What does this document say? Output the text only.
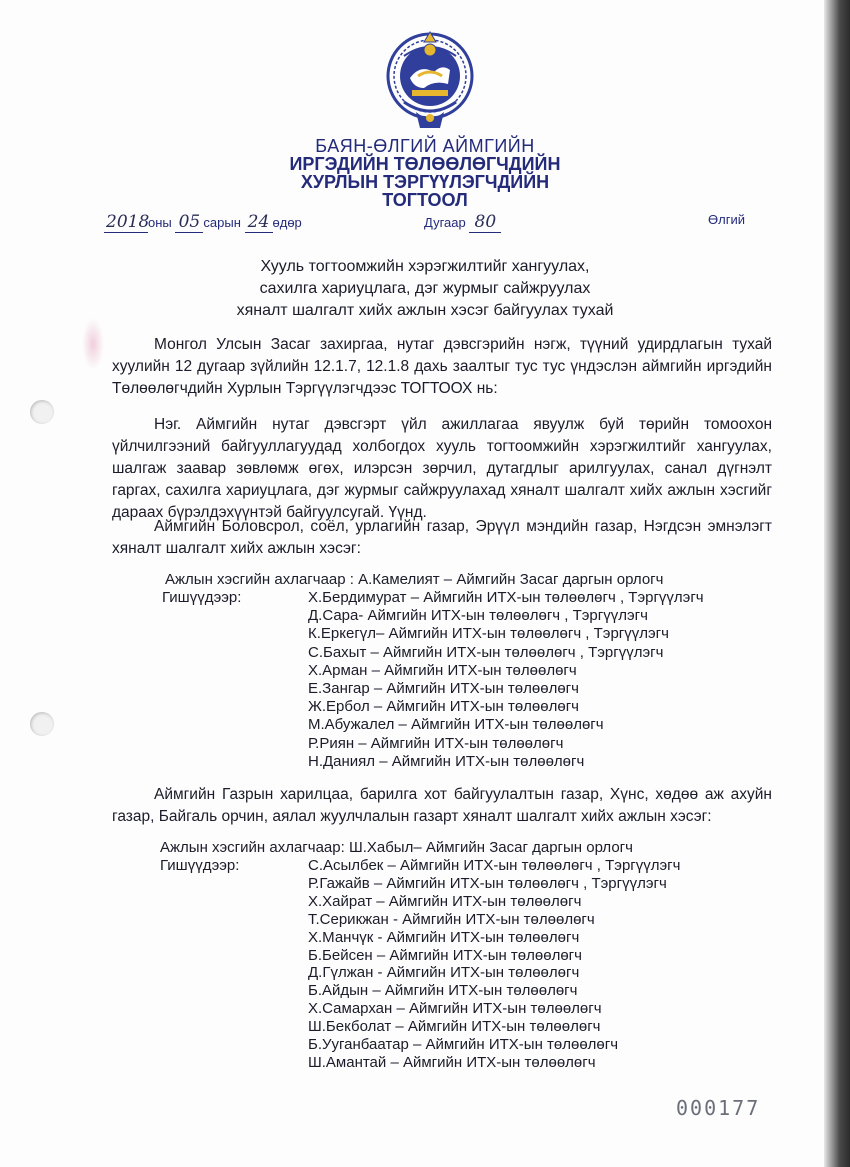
БАЯН-ӨЛГИЙ АЙМГИЙН
ИРГЭДИЙН ТӨЛӨӨЛӨГЧДИЙН
ХУРЛЫН ТЭРГҮҮЛЭГЧДИЙН
ТОГТООЛ
2018оны 05 сарын 24 өдөр	Дугаар 80	Өлгий
Хууль тогтоомжийн хэрэгжилтийг хангуулах,
сахилга хариуцлага, дэг журмыг сайжруулах
хяналт шалгалт хийх ажлын хэсэг байгуулах тухай
Монгол Улсын Засаг захиргаа, нутаг дэвсгэрийн нэгж, түүний удирдлагын тухай хуулийн 12 дугаар зүйлийн 12.1.7, 12.1.8 дахь заалтыг тус тус үндэслэн аймгийн иргэдийн Төлөөлөгчдийн Хурлын Тэргүүлэгчдээс ТОГТООХ нь:
Нэг. Аймгийн нутаг дэвсгэрт үйл ажиллагаа явуулж буй төрийн томоохон үйлчилгээний байгууллагуудад холбогдох хууль тогтоомжийн хэрэгжилтийг хангуулах, шалгаж заавар зөвлөмж өгөх, илэрсэн зөрчил, дутагдлыг арилгуулах, санал дүгнэлт гаргах, сахилга хариуцлага, дэг журмыг сайжруулахад хяналт шалгалт хийх ажлын хэсгийг дараах бүрэлдэхүүнтэй байгуулсугай. Үүнд.
Аймгийн Боловсрол, соёл, урлагийн газар, Эрүүл мэндийн газар, Нэгдсэн эмнэлэгт хяналт шалгалт хийх ажлын хэсэг:
Ажлын хэсгийн ахлагчаар : А.Камелият – Аймгийн Засаг даргын орлогч
Гишүүдээр:	Х.Бердимурат – Аймгийн ИТХ-ын төлөөлөгч , Тэргүүлэгч
Д.Сара- Аймгийн ИТХ-ын төлөөлөгч , Тэргүүлэгч
К.Еркегүл– Аймгийн ИТХ-ын төлөөлөгч , Тэргүүлэгч
С.Бахыт – Аймгийн ИТХ-ын төлөөлөгч , Тэргүүлэгч
Х.Арман – Аймгийн ИТХ-ын төлөөлөгч
Е.Зангар – Аймгийн ИТХ-ын төлөөлөгч
Ж.Ербол – Аймгийн ИТХ-ын төлөөлөгч
М.Абужалел – Аймгийн ИТХ-ын төлөөлөгч
Р.Риян – Аймгийн ИТХ-ын төлөөлөгч
Н.Даниял – Аймгийн ИТХ-ын төлөөлөгч
Аймгийн Газрын харилцаа, барилга хот байгуулалтын газар, Хүнс, хөдөө аж ахуйн газар, Байгаль орчин, аялал жуулчлалын газарт хяналт шалгалт хийх ажлын хэсэг:
Ажлын хэсгийн ахлагчаар: Ш.Хабыл– Аймгийн Засаг даргын орлогч
Гишүүдээр:	С.Асылбек – Аймгийн ИТХ-ын төлөөлөгч , Тэргүүлэгч
Р.Гажайв – Аймгийн ИТХ-ын төлөөлөгч , Тэргүүлэгч
Х.Хайрат – Аймгийн ИТХ-ын төлөөлөгч
Т.Серикжан - Аймгийн ИТХ-ын төлөөлөгч
Х.Манчүк - Аймгийн ИТХ-ын төлөөлөгч
Б.Бейсен – Аймгийн ИТХ-ын төлөөлөгч
Д.Гүлжан - Аймгийн ИТХ-ын төлөөлөгч
Б.Айдын – Аймгийн ИТХ-ын төлөөлөгч
Х.Самархан – Аймгийн ИТХ-ын төлөөлөгч
Ш.Бекболат – Аймгийн ИТХ-ын төлөөлөгч
Б.Ууганбаатар – Аймгийн ИТХ-ын төлөөлөгч
Ш.Амантай – Аймгийн ИТХ-ын төлөөлөгч
000177
